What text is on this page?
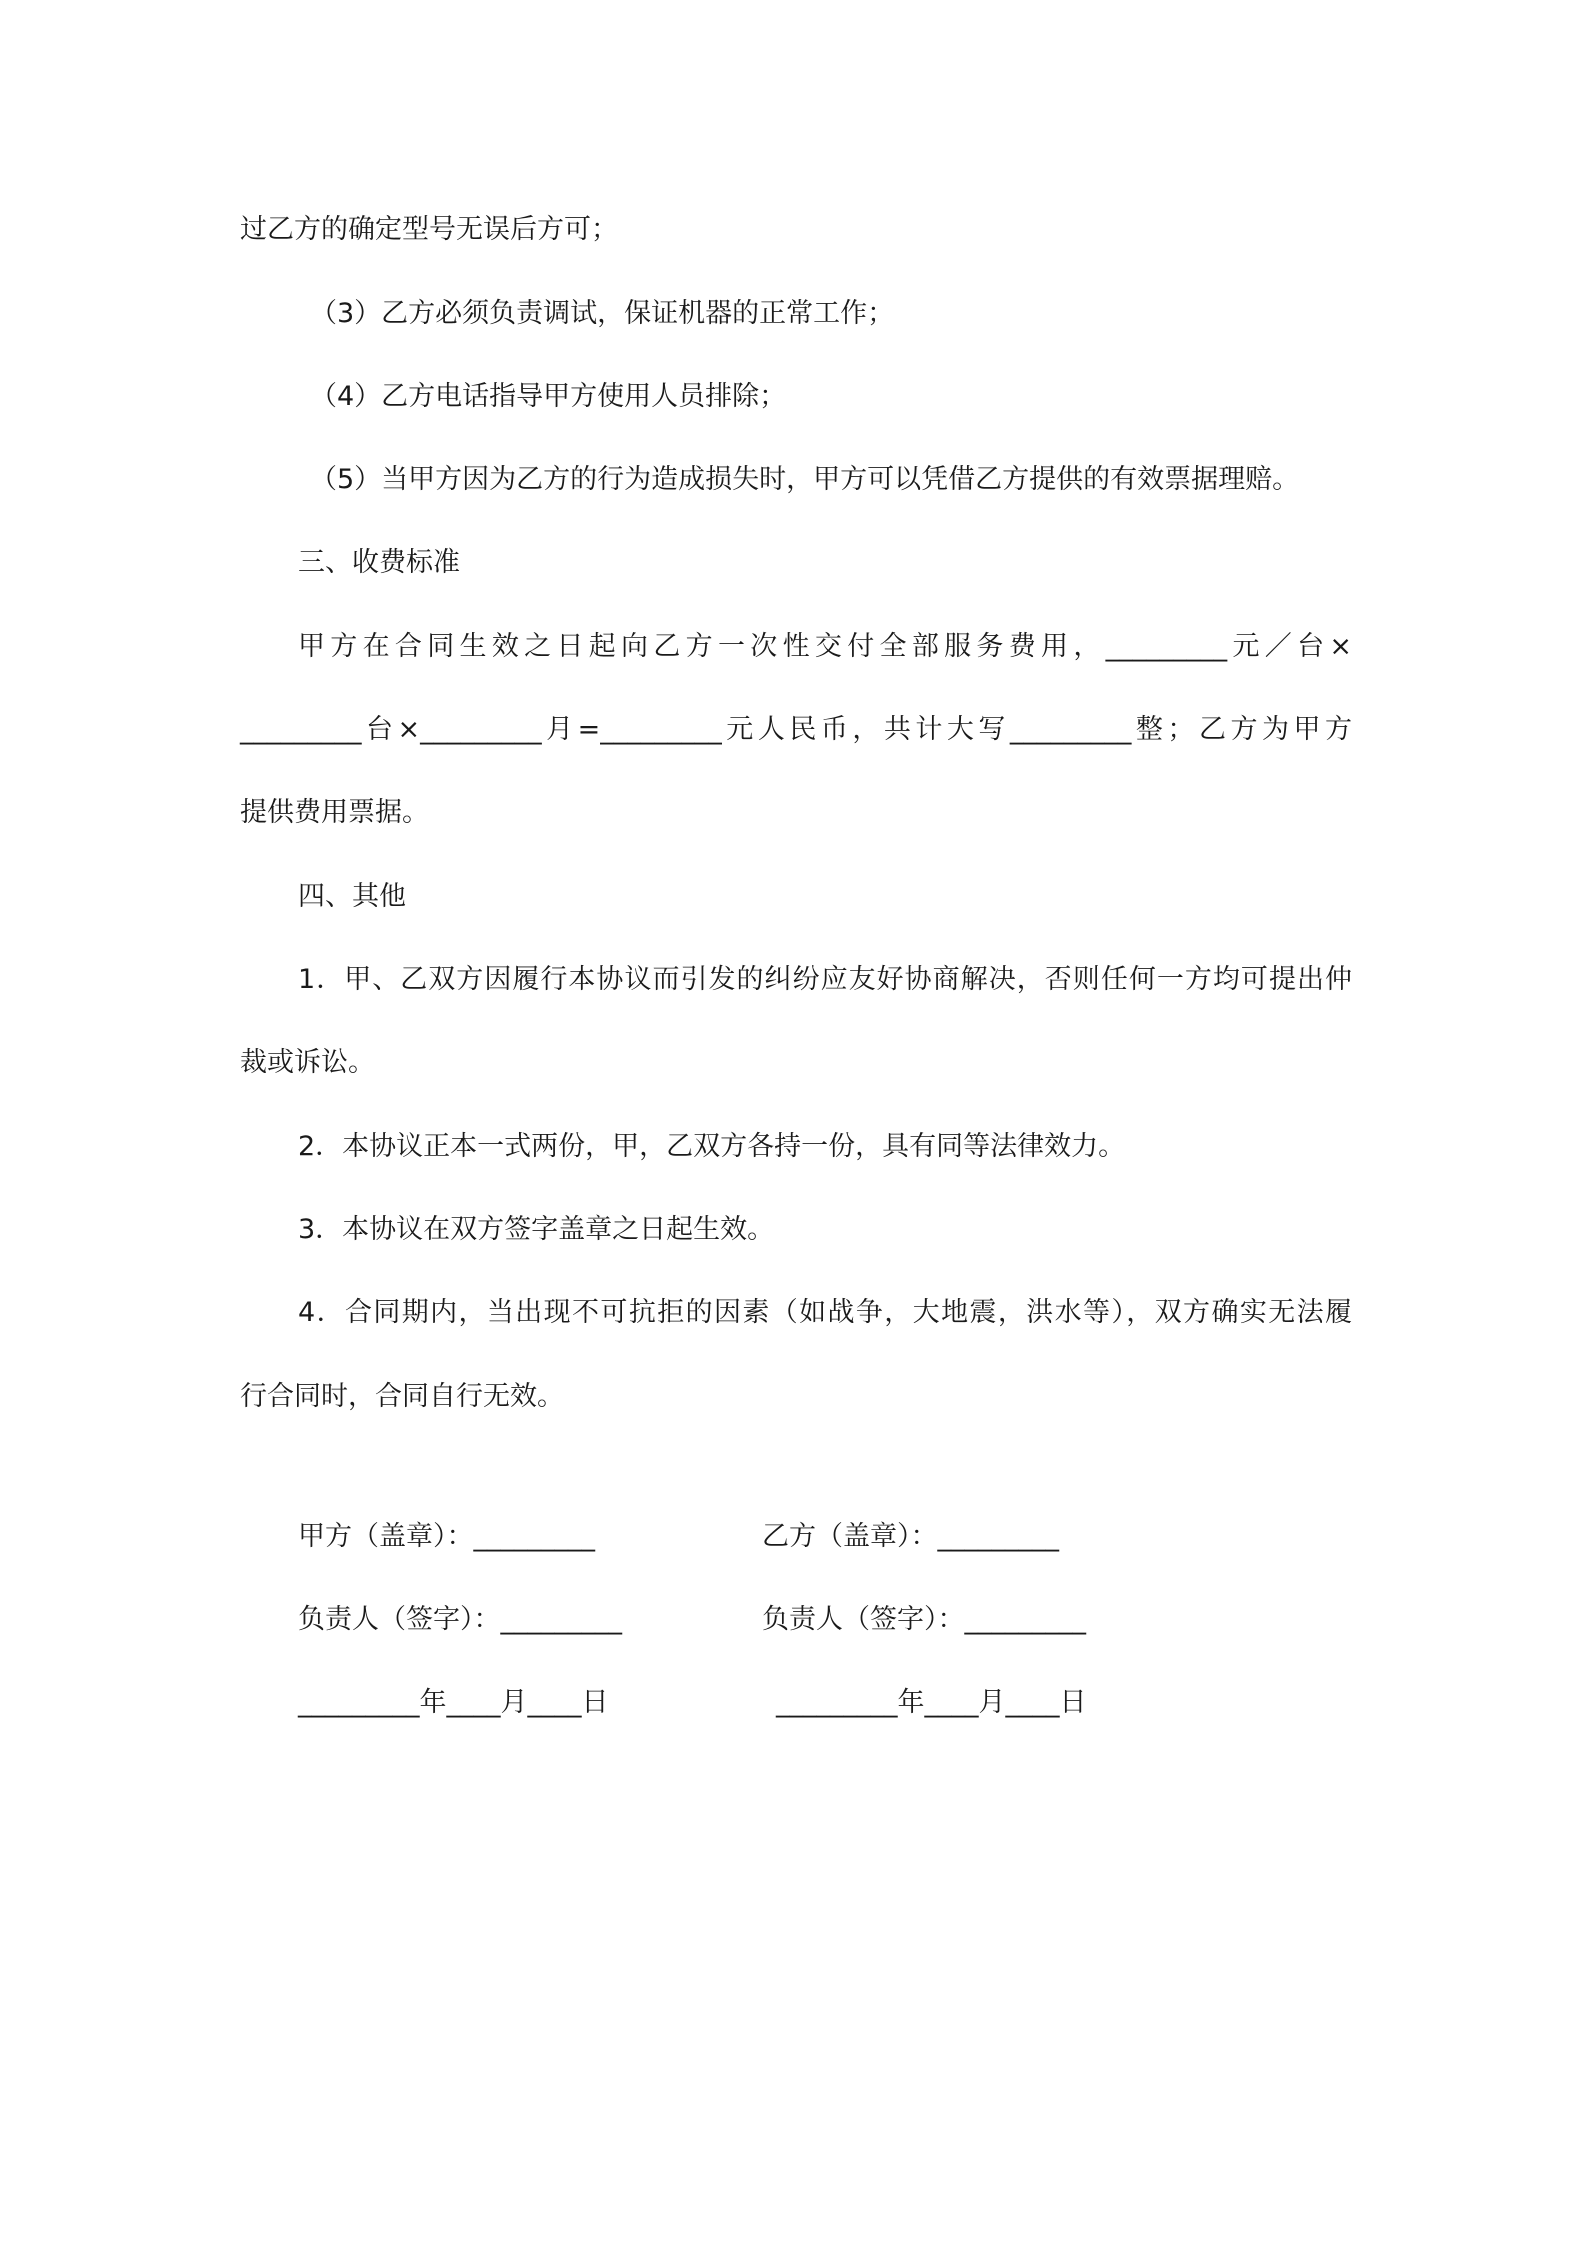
过乙方的确定型号无误后方可；
（3）乙方必须负责调试，保证机器的正常工作；
（4）乙方电话指导甲方使用人员排除；
（5）当甲方因为乙方的行为造成损失时，甲方可以凭借乙方提供的有效票据理赔。
三、收费标准
甲方在合同生效之日起向乙方一次性交付全部服务费用，_________元／台×
_________台×_________月=_________元人民币，共计大写_________整；乙方为甲方
提供费用票据。
四、其他
1．甲、乙双方因履行本协议而引发的纠纷应友好协商解决，否则任何一方均可提出仲
裁或诉讼。
2．本协议正本一式两份，甲，乙双方各持一份，具有同等法律效力。
3．本协议在双方签字盖章之日起生效。
4．合同期内，当出现不可抗拒的因素（如战争，大地震，洪水等），双方确实无法履
行合同时，合同自行无效。
甲方（盖章）：_________	乙方（盖章）：_________
负责人（签字）：_________	负责人（签字）：_________
_________年____月____日	_________年____月____日
